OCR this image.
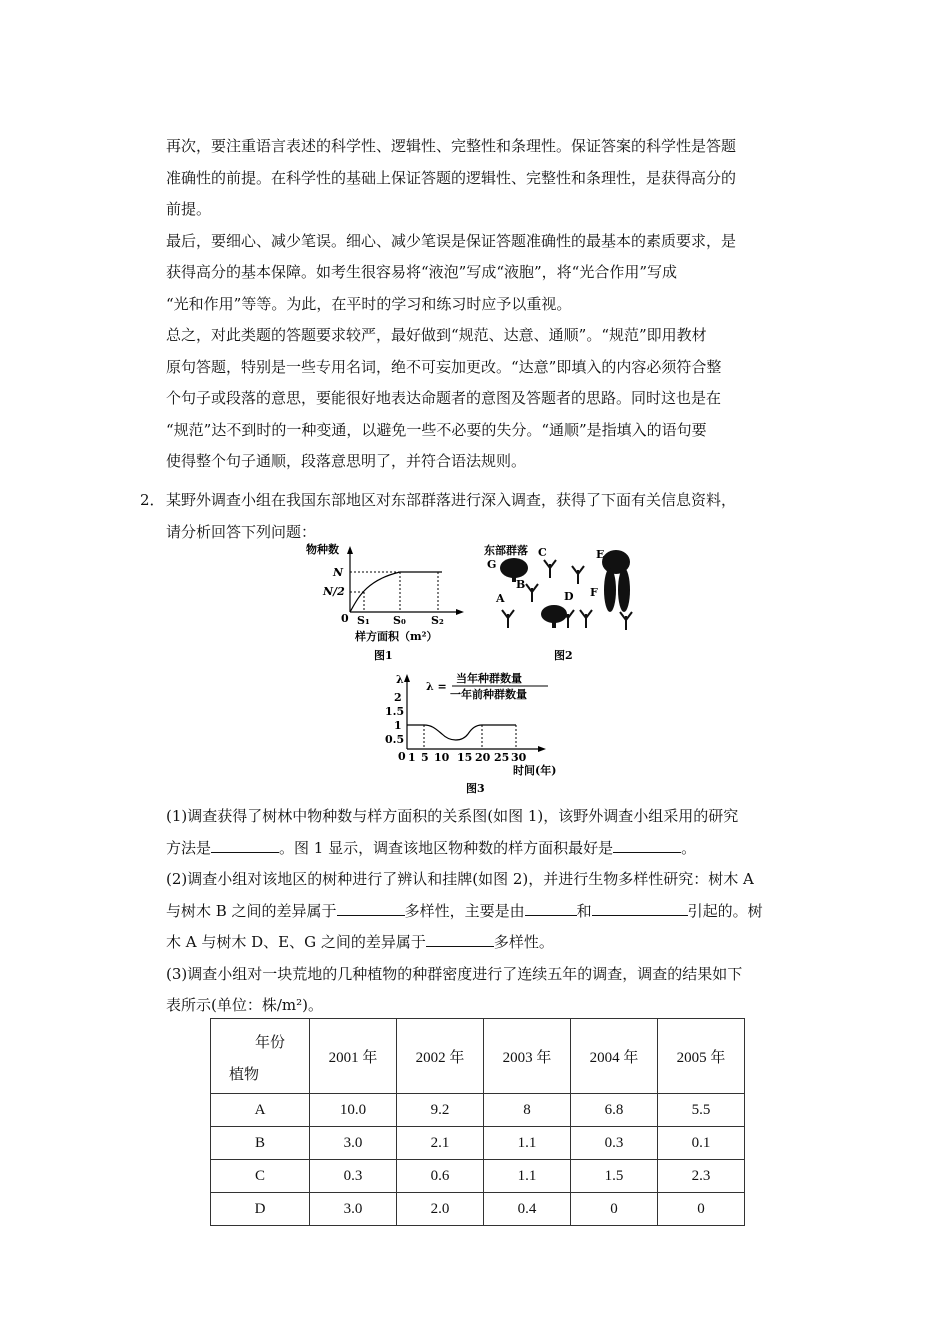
再次，要注重语言表述的科学性、逻辑性、完整性和条理性。保证答案的科学性是答题
准确性的前提。在科学性的基础上保证答题的逻辑性、完整性和条理性，是获得高分的
前提。
最后，要细心、减少笔误。细心、减少笔误是保证答题准确性的最基本的素质要求，是
获得高分的基本保障。如考生很容易将“液泡”写成“液胞”，将“光合作用”写成
“光和作用”等等。为此，在平时的学习和练习时应予以重视。
总之，对此类题的答题要求较严，最好做到“规范、达意、通顺”。“规范”即用教材
原句答题，特别是一些专用名词，绝不可妄加更改。“达意”即填入的内容必须符合整
个句子或段落的意思，要能很好地表达命题者的意图及答题者的思路。同时这也是在
“规范”达不到时的一种变通，以避免一些不必要的失分。“通顺”是指填入的语句要
使得整个句子通顺，段落意思明了，并符合语法规则。
2． 某野外调查小组在我国东部地区对东部群落进行深入调查，获得了下面有关信息资料，
请分析回答下列问题：
物种数
N
N/2
0 S₁ S₀ S₂
样方面积（m²）
图1
东部群落
G
C
B
E
F
A	D
图2
λ
λ =
当年种群数量
一年前种群数量
2
1.5
1
0.5
0 1 5 10 15 20 25 30
时间(年)
图3
(1)调查获得了树林中物种数与样方面积的关系图(如图 1)，该野外调查小组采用的研究
方法是	。图 1 显示，调查该地区物种数的样方面积最好是	。
(2)调查小组对该地区的树种进行了辨认和挂牌(如图 2)，并进行生物多样性研究：树木 A
与树木 B 之间的差异属于	多样性，主要是由	和	引起的。树
木 A 与树木 D、E、G 之间的差异属于	多样性。
(3)调查小组对一块荒地的几种植物的种群密度进行了连续五年的调查，调查的结果如下
表所示(单位：株/m²)。
年份
植物	2001 年	2002 年	2003 年	2004 年	2005 年
A	10.0	9.2	8	6.8	5.5
B	3.0	2.1	1.1	0.3	0.1
C	0.3	0.6	1.1	1.5	2.3
D	3.0	2.0	0.4	0	0
